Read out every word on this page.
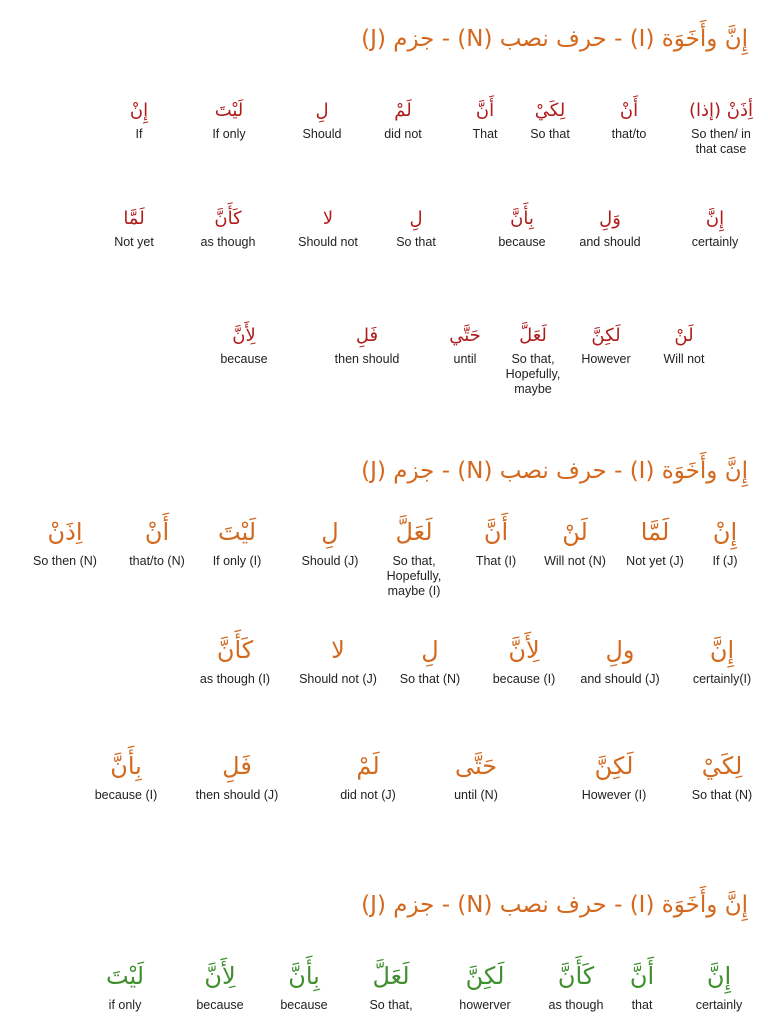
إِنَّ وأَخَوَة (I) - حرف نصب (N) - جزم (J)
أِذَنْ (إذا)
So then/ in that case
أَنْ
that/to
لِكَيْ
So that
أَنَّ
That
لَمْ
did not
لِ
Should
لَيْتَ
If only
إِنْ
If
إِنَّ
certainly
وَلِ
and should
بِأَنَّ
because
لِ
So that
لا
Should not
كَأَنَّ
as though
لَمَّا
Not yet
لَنْ
Will not
لَكِنَّ
However
لَعَلَّ
So that, Hopefully, maybe
حَتَّي
until
فَلِ
then should
لِأَنَّ
because
إِنَّ وأَخَوَة (I) - حرف نصب (N) - جزم (J)
إِنْ
If (J)
لَمَّا
Not yet (J)
لَنْ
Will not (N)
أَنَّ
That (I)
لَعَلَّ
So that, Hopefully, maybe (I)
لِ
Should (J)
لَيْتَ
If only (I)
أَنْ
that/to (N)
اِذَنْ
So then (N)
إِنَّ
certainly(I)
ولِ
and should (J)
لِأَنَّ
because (I)
لِ
So that (N)
لا
Should not (J)
كَأَنَّ
as though (I)
لِكَيْ
So that (N)
لَكِنَّ
However (I)
حَتَّى
until (N)
لَمْ
did not (J)
فَلِ
then should (J)
بِأَنَّ
because (I)
إِنَّ وأَخَوَة (I) - حرف نصب (N) - جزم (J)
إِنَّ
certainly
أَنَّ
that
كَأَنَّ
as though
لَكِنَّ
howerver
لَعَلَّ
So that,
بِأَنَّ
because
لِأَنَّ
because
لَيْتَ
if only
